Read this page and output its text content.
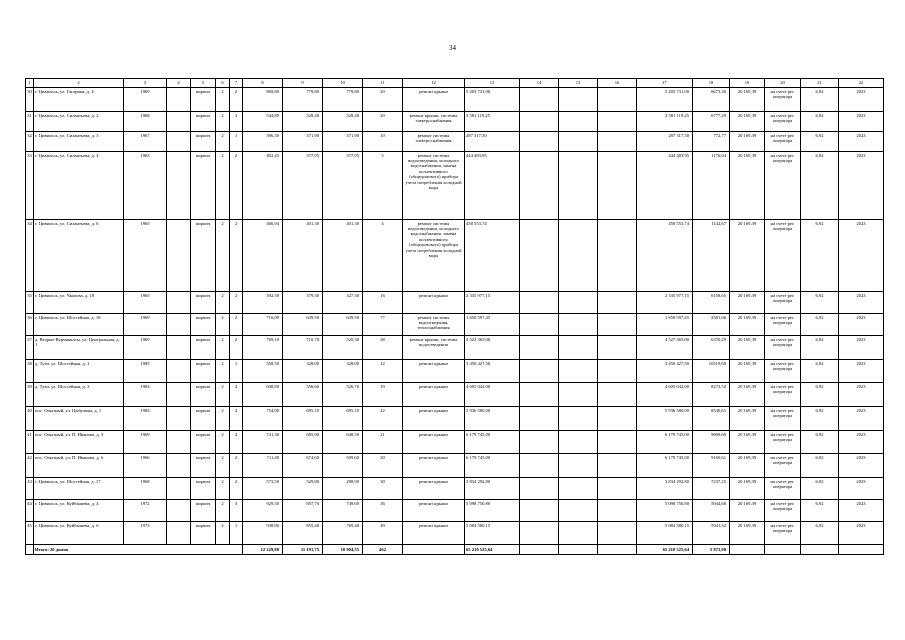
34
1	2	3	4	5	6	7	8	9	10	11	12	13	14	15	16	17	18	19	20	21	22
30	г. Цивильск, ул. Гагарина, д. 4	1969		кирпич	2	2	869,80	779,80	779,80	20	ремонт крыши	5 203 731,00				5 203 731,00	6673,36	20 169,39	на счете рег. оператора	6,92	2023
31	г. Цивильск, ул. Силантьева, д. 2	1968		кирпич	2	3	544,80	528,40	528,40	20	ремонт крыши, системы электроснабжения	3 581 119,25				3 581 119,25	6777,29	20 169,39	на счете рег. оператора	6,92	2023
32	г. Цивильск, ул. Силантьева, д. 3	1967		кирпич	2	1	396,30	371,90	371,90	10	ремонт системы электроснабжения	287 317,50				287 317,50	772,77	20 169,39	на счете рег. оператора	6,92	2023
33	г. Цивильск, ул. Силантьева, д. 4	1963		кирпич	2	2	402,45	377,95	377,95	5	ремонт системы водоотведения, холодного водоснабжения, замена коллективного (общедомового) прибора учета потребления холодной воды	444 483,95				444 483,95	1176,04	20 169,39	на счете рег. оператора	6,92	2023
34	г. Цивильск, ул. Силантьева, д. 6	1965		кирпич	2	2	466,94	401,30	401,30	4	ремонт системы водоотведения, холодного водоснабжения, замена коллективного (общедомового) прибора учета потребления холодной воды	458 553,74				458 553,74	1142,67	20 169,39	на счете рег. оператора	6,92	2023
35	г. Цивильск, ул. Чкалова, д. 18	1965		кирпич	2	2	392,50	379,30	327,30	16	ремонт крыши	2 335 977,15				2 335 977,15	6158,65	20 169,39	на счете рег. оператора	6,92	2023
36	г. Цивильск, ул. Шоссейная, д. 18	1969		кирпич	2	2	716,09	639,50	639,50	77	ремонт системы водоотведения, теплоснабжения	1 650 597,45				1 650 597,45	2581,06	20 169,39	на счете рег. оператора	6,92	2023
37	д. Вторые Вурманкасы, ул. Центральная, д. 1	1969		кирпич	2	2	769,10	710,70	520,30	38	ремонт крыши, системы водоотведения	4 523 365,00				4 527 365,00	6370,29	20 169,39	на счете рег. оператора	6,92	2023
38	д. Тузи, ул. Шоссейная, д. 1	1985		кирпич	2	1	358,50	328,00	328,00	12	ремонт крыши	3 450 427,50				3 450 427,50	10519,60	20 169,39	на счете рег. оператора	6,92	2023
39	д. Тузи, ул. Шоссейная, д. 3	1984		кирпич	2	2	608,80	556,60	526,70	19	ремонт крыши	4 605 042,00				4 605 042,00	8273,52	20 169,39	на счете рег. оператора	6,92	2023
40	пос. Опытный, ул. Цыбулина, д. 1	1983		кирпич	2	2	754,00	695,10	695,10	22	ремонт крыши	5 936 580,00				5 936 580,00	8540,61	20 169,39	на счете рег. оператора	6,92	2023
41	пос. Опытный, ул. П. Иванова, д. 3	1969		кирпич	2	2	741,30	685,90	648,50	21	ремонт крыши	6 179 745,00				6 179 745,00	9009,69	20 169,39	на счете рег. оператора	6,92	2023
42	пос. Опытный, ул. П. Иванова, д. 6	1966		кирпич	2	2	711,40	674,60	509,60	20	ремонт крыши	6 179 745,00				6 179 745,00	9160,61	20 169,39	на счете рег. оператора	6,92	2023
43	г. Цивильск, ул. Шоссейная, д. 17	1968		кирпич	2	2	573,50	529,80	298,90	30	ремонт крыши	3 834 292,80				3 834 292,80	7237,25	20 169,39	на счете рег. оператора	6,92	2023
44	г. Цивильск, ул. Куйбышева, д. 4	1972		кирпич	2	3	929,50	857,70	749,60	36	ремонт крыши	5 098 750,80				5 098 750,80	5944,68	20 169,39	на счете рег. оператора	6,92	2023
45	г. Цивильск, ул. Куйбышева, д. 6	1973		кирпич	2	1	938,80	855,40	769,40	49	ремонт крыши	5 084 580,15				5 084 580,15	5941,32	20 169,39	на счете рег. оператора	6,92	2023
	Итого: 20 домов						12 229,80	11 191,75	10 904,55	462		65 210 525,64				65 210 525,64	5 873,90				
